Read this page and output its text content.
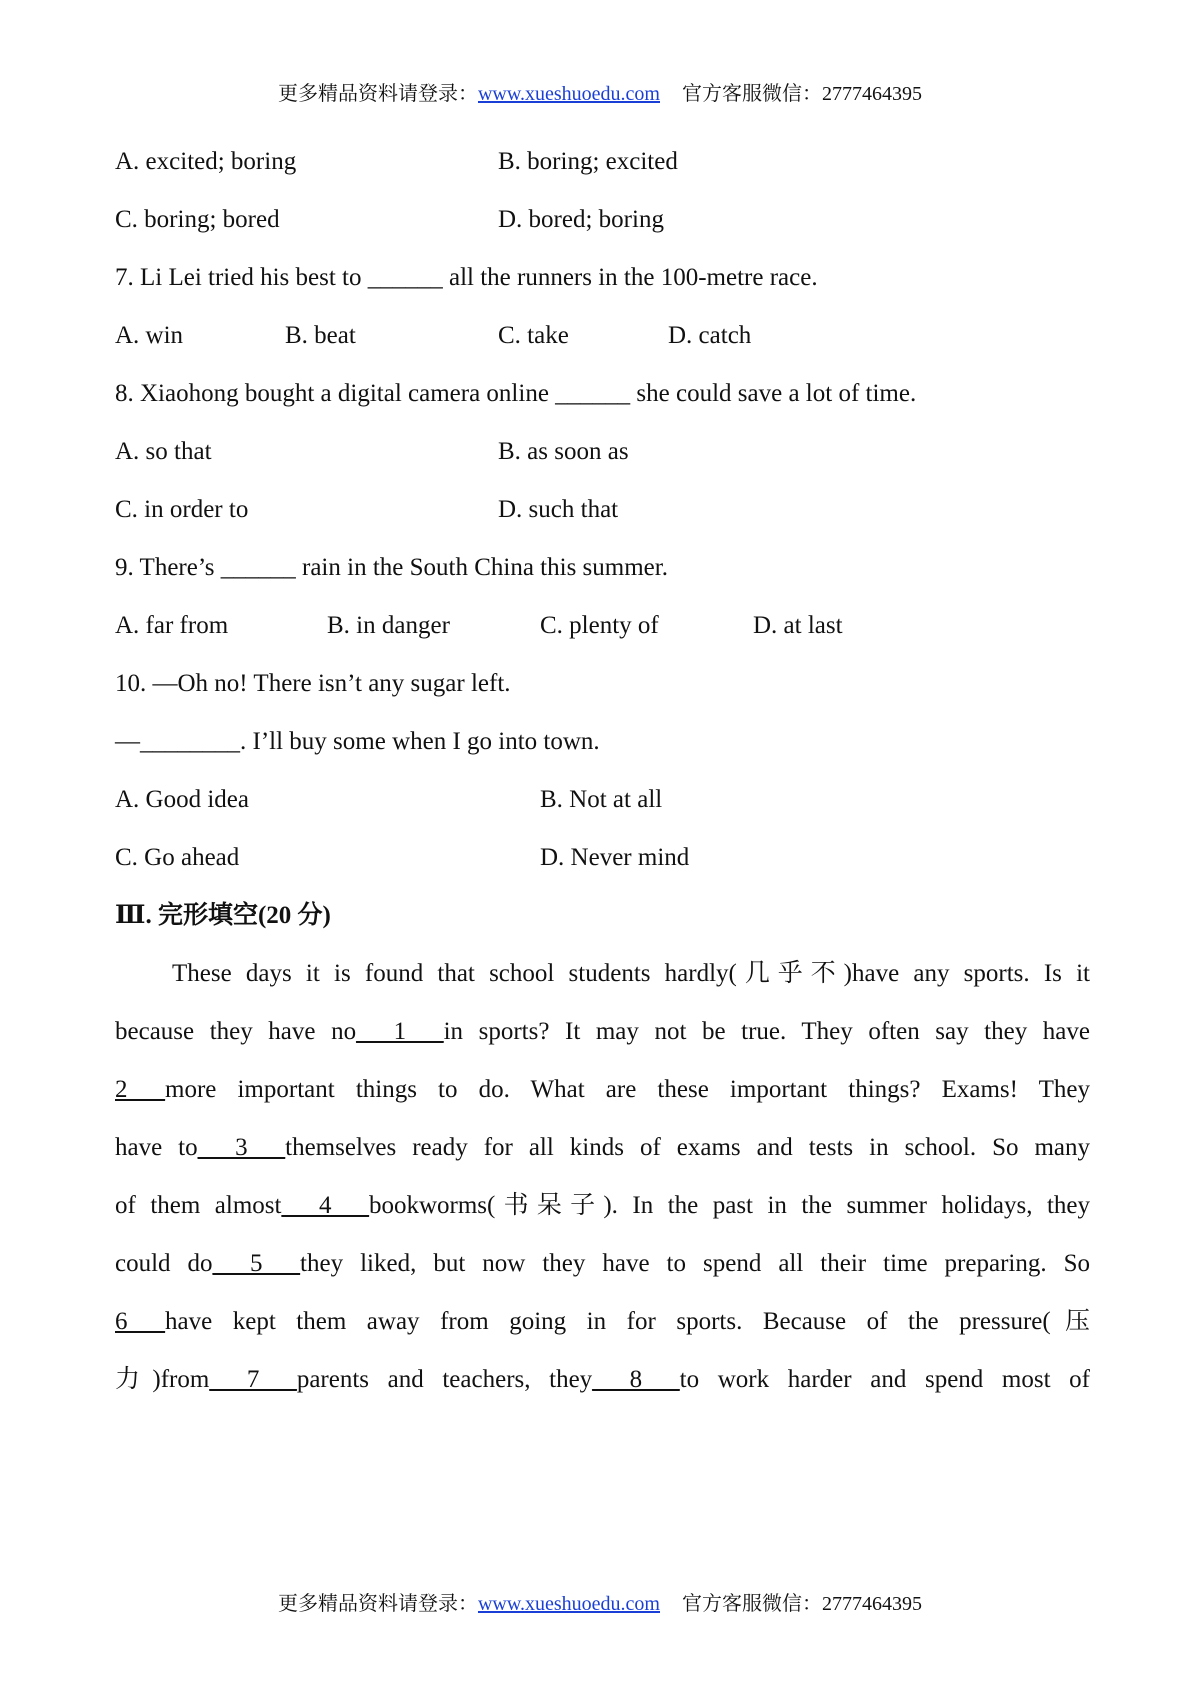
更多精品资料请登录：www.xueshuoedu.com 官方客服微信：2777464395
A. excited; boring	B. boring; excited
C. boring; bored	D. bored; boring
7. Li Lei tried his best to ______ all the runners in the 100-metre race.
A. win	B. beat	C. take	D. catch
8. Xiaohong bought a digital camera online ______ she could save a lot of time.
A. so that	B. as soon as
C. in order to	D. such that
9. There’s ______ rain in the South China this summer.
A. far from	B. in danger	C. plenty of	D. at last
10. —Oh no! There isn’t any sugar left.
—________. I’ll buy some when I go into town.
A. Good idea	B. Not at all
C. Go ahead	D. Never mind
Ⅲ. 完形填空(20 分)
These days it is found that school students hardly(几乎不)have any sports. Is it
because they have no___1___in sports? It may not be true. They often say they have
2___more important things to do. What are these important things? Exams! They
have to___3___themselves ready for all kinds of exams and tests in school. So many
of them almost___4___bookworms(书呆子). In the past in the summer holidays, they
could do___5___they liked, but now they have to spend all their time preparing. So
6___have kept them away from going in for sports. Because of the pressure(压
力)from___7___parents and teachers, they___8___to work harder and spend most of
更多精品资料请登录：www.xueshuoedu.com 官方客服微信：2777464395
